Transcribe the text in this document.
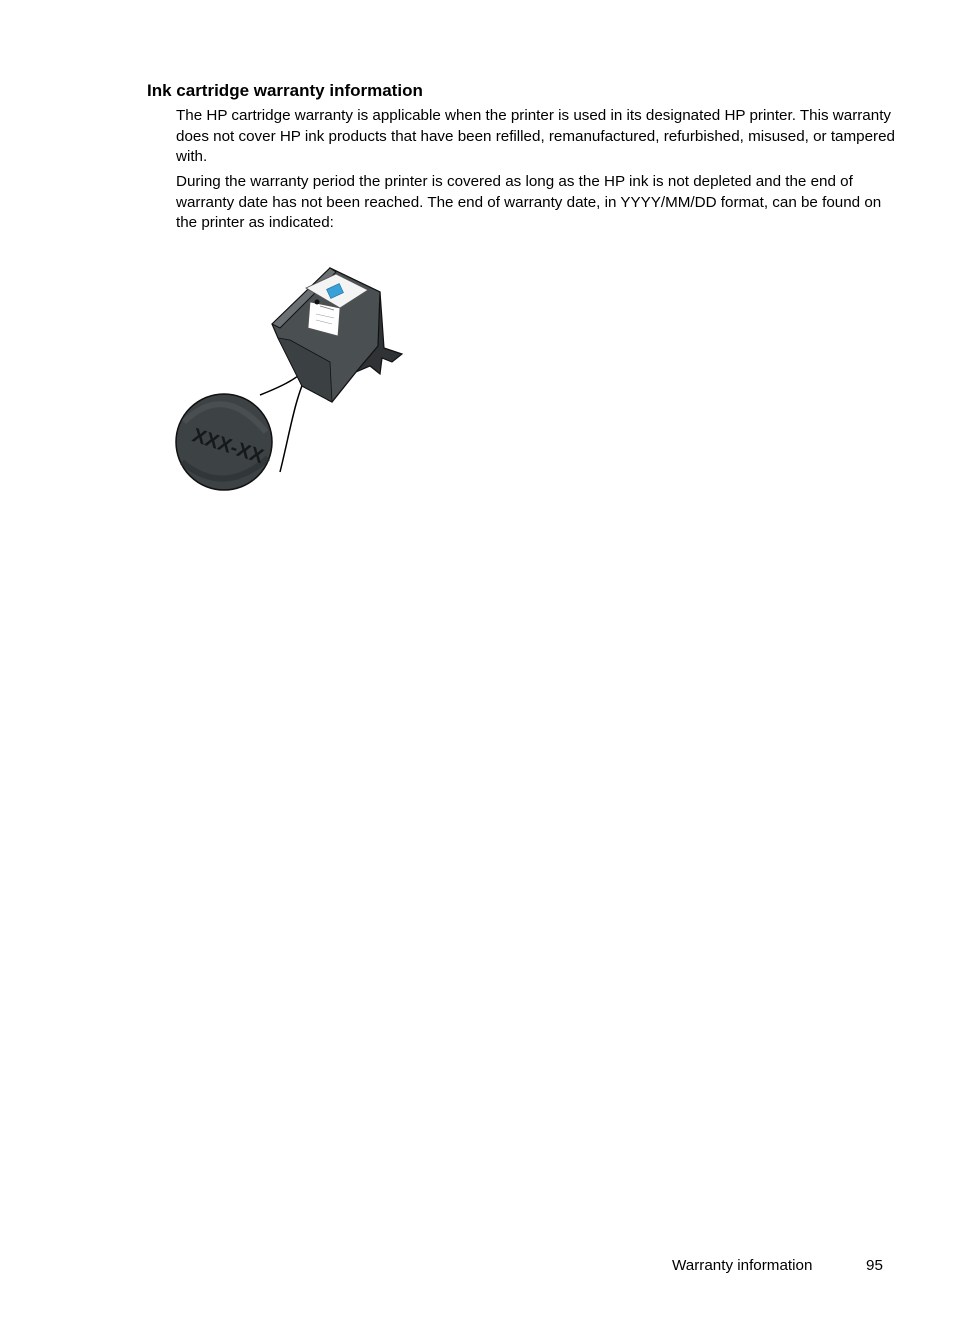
Ink cartridge warranty information

The HP cartridge warranty is applicable when the printer is used in its designated HP printer. This warranty does not cover HP ink products that have been refilled, remanufactured, refurbished, misused, or tampered with.

During the warranty period the printer is covered as long as the HP ink is not depleted and the end of warranty date has not been reached. The end of warranty date, in YYYY/MM/DD format, can be found on the printer as indicated:

XXX-XX
Warranty information	95
